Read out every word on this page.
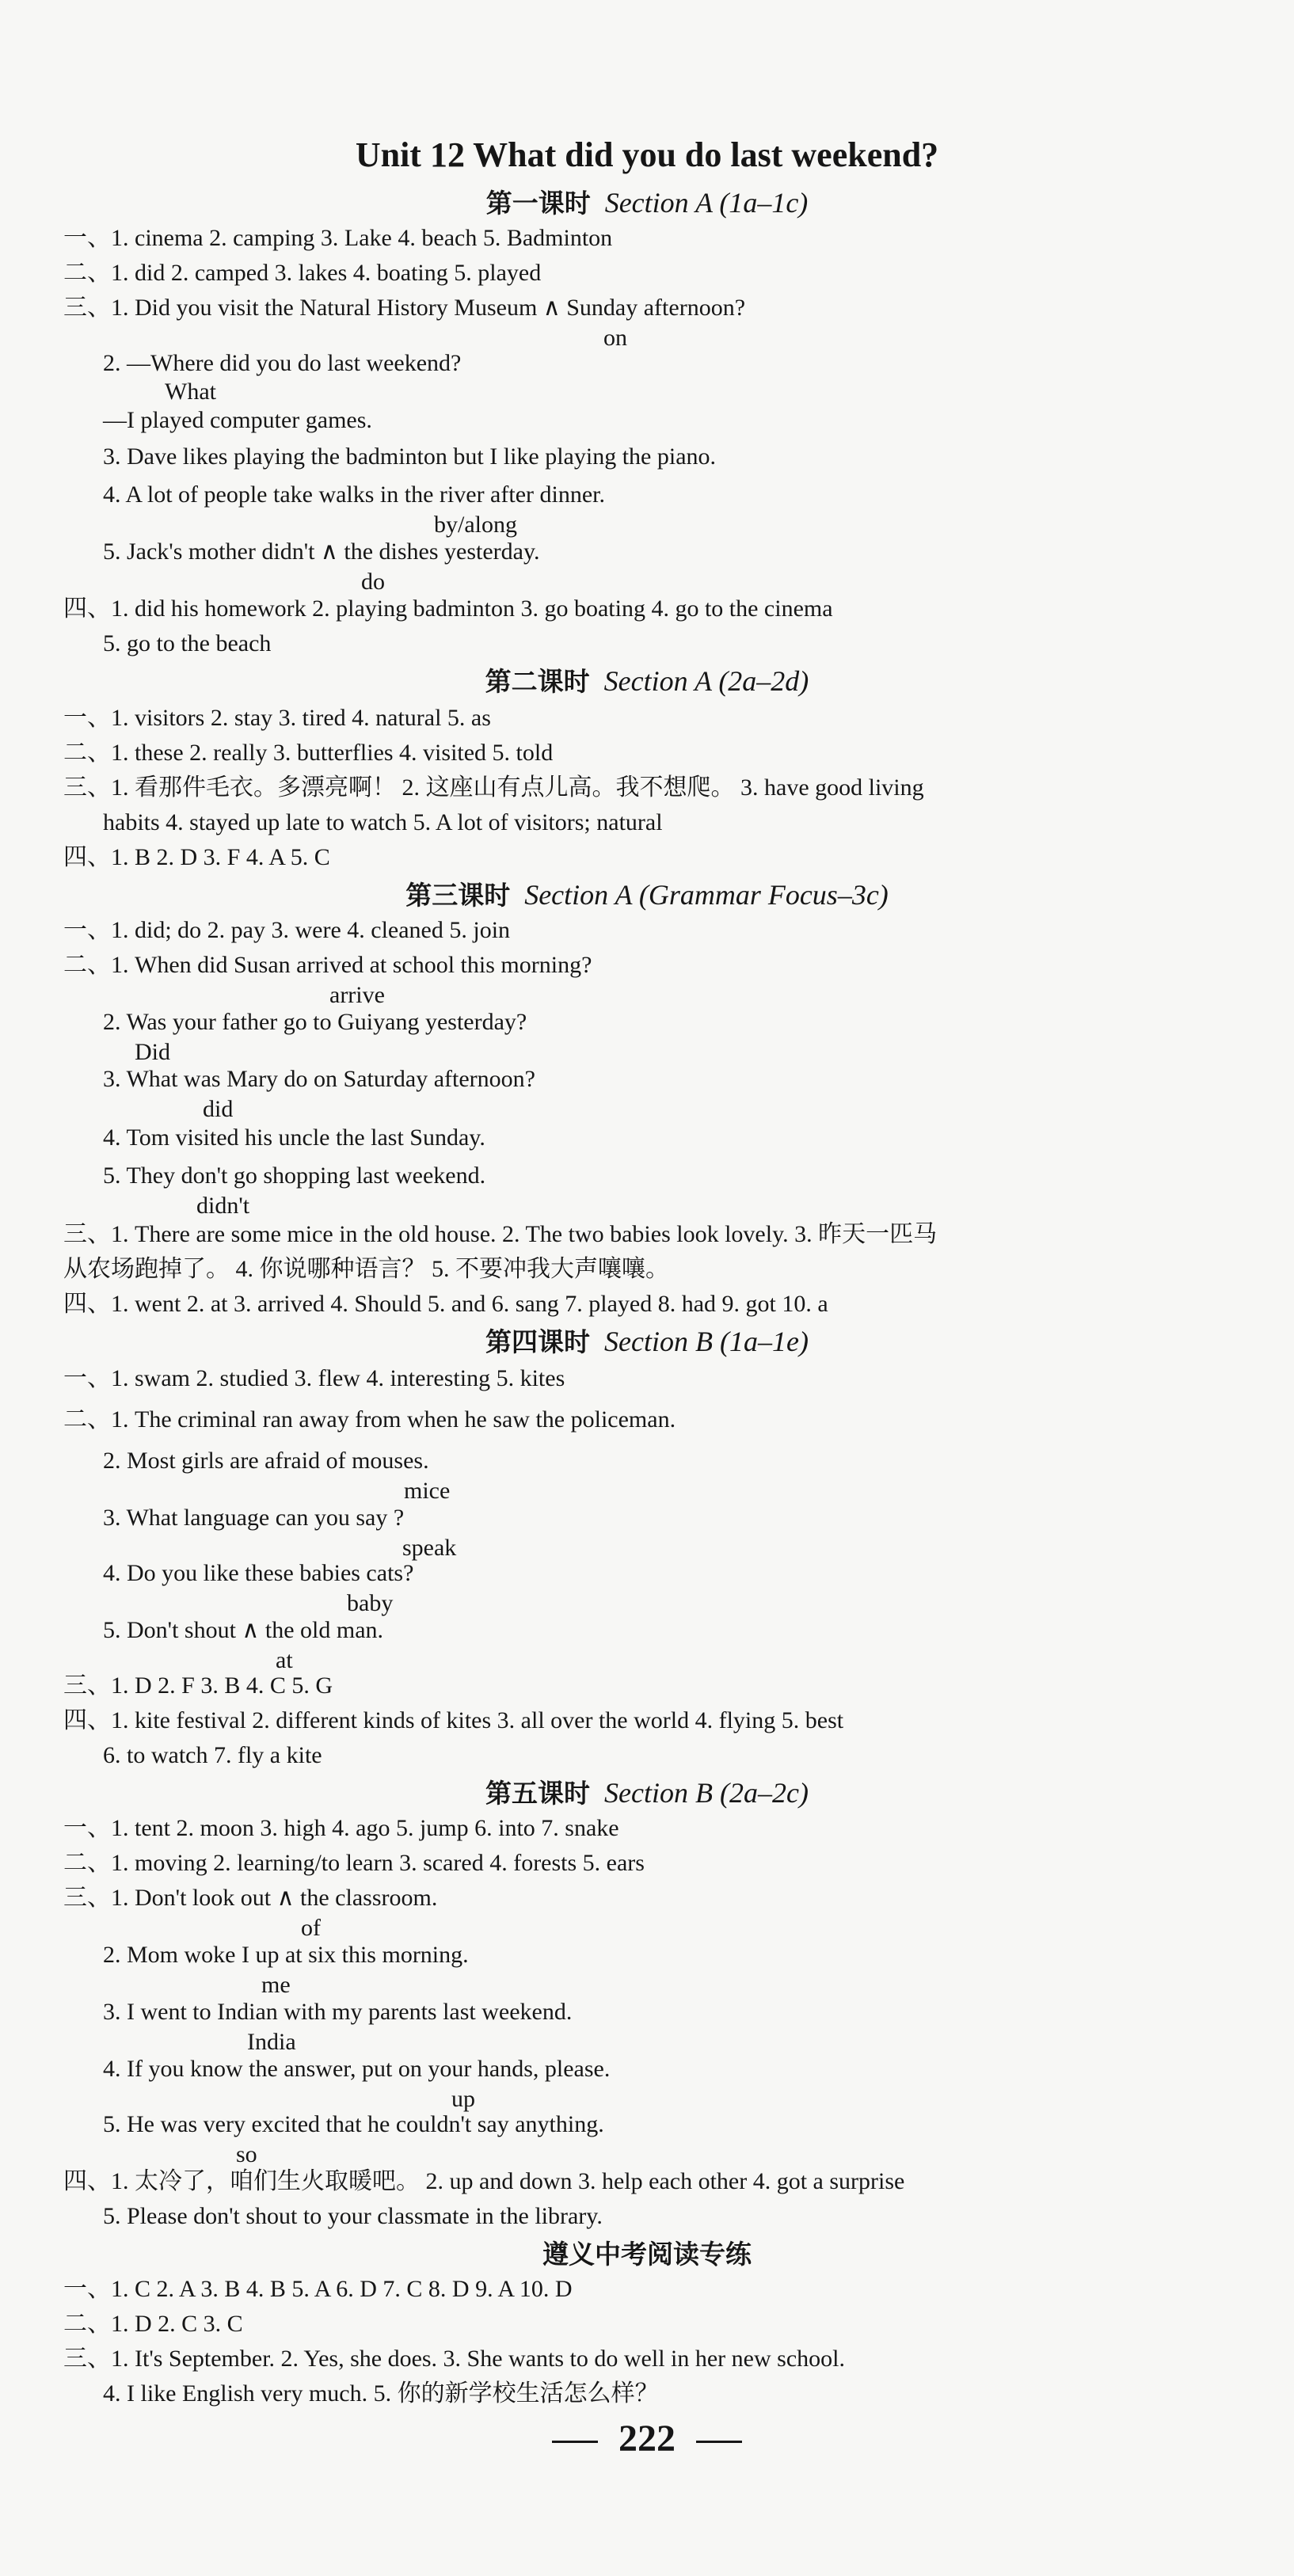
Unit 12 What did you do last weekend?
第一课时 Section A (1a–1c)
一、1. cinema 2. camping 3. Lake 4. beach 5. Badminton
二、1. did 2. camped 3. lakes 4. boating 5. played
三、1. Did you visit the Natural History Museum ∧ Sunday afternoon?
on
2. —Where did you do last weekend?
What
—I played computer games.
3. Dave likes playing the badminton but I like playing the piano.
4. A lot of people take walks in the river after dinner.
by/along
5. Jack's mother didn't ∧ the dishes yesterday.
do
四、1. did his homework 2. playing badminton 3. go boating 4. go to the cinema
5. go to the beach
第二课时 Section A (2a–2d)
一、1. visitors 2. stay 3. tired 4. natural 5. as
二、1. these 2. really 3. butterflies 4. visited 5. told
三、1. 看那件毛衣。多漂亮啊！ 2. 这座山有点儿高。我不想爬。 3. have good living
habits 4. stayed up late to watch 5. A lot of visitors; natural
四、1. B 2. D 3. F 4. A 5. C
第三课时 Section A (Grammar Focus–3c)
一、1. did; do 2. pay 3. were 4. cleaned 5. join
二、1. When did Susan arrived at school this morning?
arrive
2. Was your father go to Guiyang yesterday?
Did
3. What was Mary do on Saturday afternoon?
did
4. Tom visited his uncle the last Sunday.
5. They don't go shopping last weekend.
didn't
三、1. There are some mice in the old house. 2. The two babies look lovely. 3. 昨天一匹马
从农场跑掉了。 4. 你说哪种语言？ 5. 不要冲我大声嚷嚷。
四、1. went 2. at 3. arrived 4. Should 5. and 6. sang 7. played 8. had 9. got 10. a
第四课时 Section B (1a–1e)
一、1. swam 2. studied 3. flew 4. interesting 5. kites
二、1. The criminal ran away from when he saw the policeman.
2. Most girls are afraid of mouses.
mice
3. What language can you say ?
speak
4. Do you like these babies cats?
baby
5. Don't shout ∧ the old man.
at
三、1. D 2. F 3. B 4. C 5. G
四、1. kite festival 2. different kinds of kites 3. all over the world 4. flying 5. best
6. to watch 7. fly a kite
第五课时 Section B (2a–2c)
一、1. tent 2. moon 3. high 4. ago 5. jump 6. into 7. snake
二、1. moving 2. learning/to learn 3. scared 4. forests 5. ears
三、1. Don't look out ∧ the classroom.
of
2. Mom woke I up at six this morning.
me
3. I went to Indian with my parents last weekend.
India
4. If you know the answer, put on your hands, please.
up
5. He was very excited that he couldn't say anything.
so
四、1. 太冷了，咱们生火取暖吧。 2. up and down 3. help each other 4. got a surprise
5. Please don't shout to your classmate in the library.
遵义中考阅读专练
一、1. C 2. A 3. B 4. B 5. A 6. D 7. C 8. D 9. A 10. D
二、1. D 2. C 3. C
三、1. It's September. 2. Yes, she does. 3. She wants to do well in her new school.
4. I like English very much. 5. 你的新学校生活怎么样？
222
